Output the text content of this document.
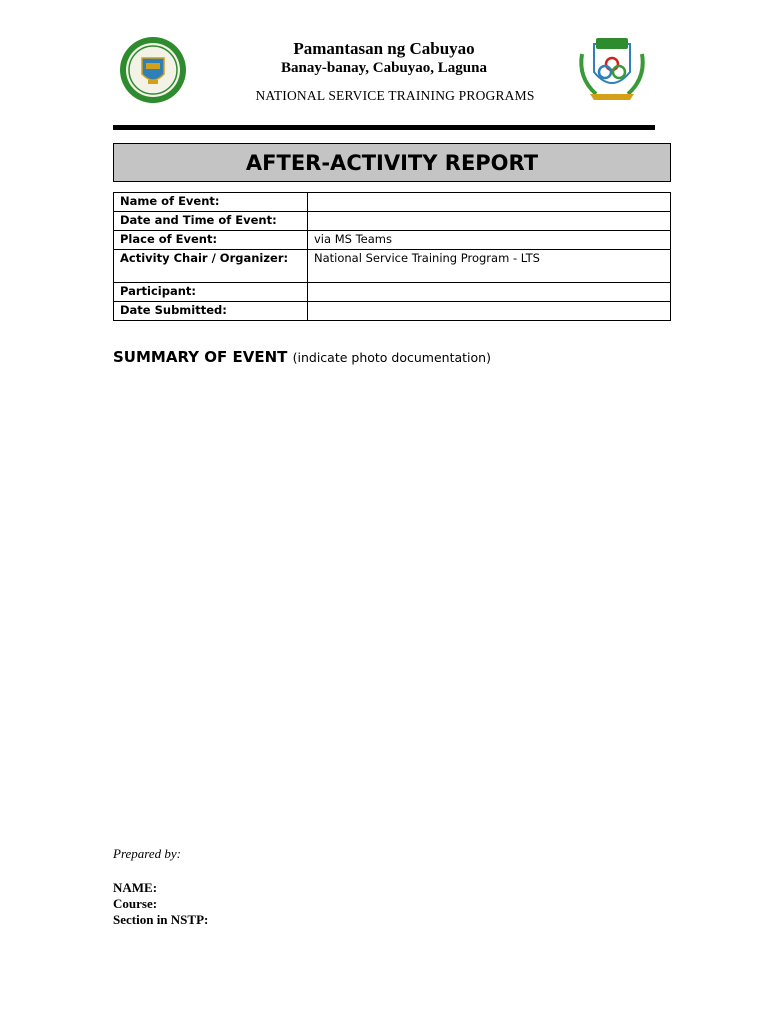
Pamantasan ng Cabuyao
Banay-banay, Cabuyao, Laguna
NATIONAL SERVICE TRAINING PROGRAMS
AFTER-ACTIVITY REPORT
Name of Event:	
Date and Time of Event:	
Place of Event:	via MS Teams
Activity Chair / Organizer:	National Service Training Program - LTS
Participant:	
Date Submitted:	
SUMMARY OF EVENT (indicate photo documentation)
Prepared by:
NAME:
Course:
Section in NSTP:
